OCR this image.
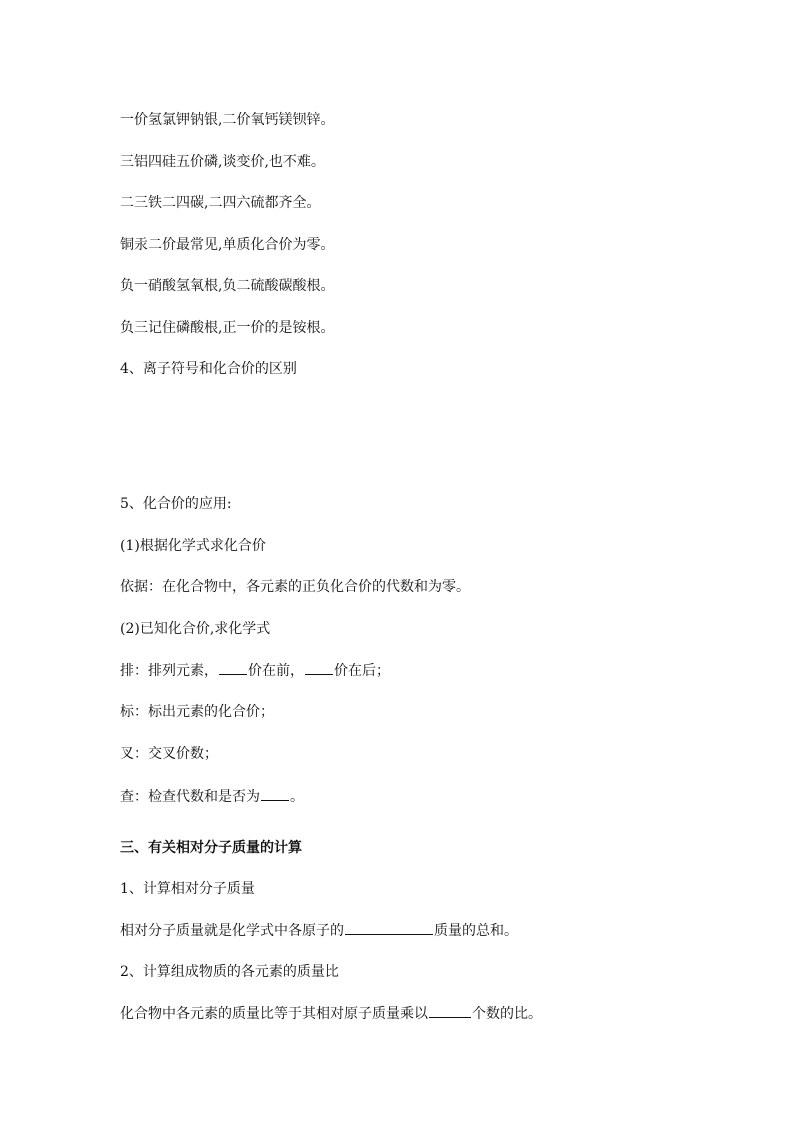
一价氢氯钾钠银,二价氧钙镁钡锌。
三铝四硅五价磷,谈变价,也不难。
二三铁二四碳,二四六硫都齐全。
铜汞二价最常见,单质化合价为零。
负一硝酸氢氧根,负二硫酸碳酸根。
负三记住磷酸根,正一价的是铵根。
4、离子符号和化合价的区别
5、化合价的应用:
(1)根据化学式求化合价
依据：在化合物中，各元素的正负化合价的代数和为零。
(2)已知化合价,求化学式
排：排列元素， 价在前， 价在后；
标：标出元素的化合价；
叉：交叉价数；
查：检查代数和是否为 。
三、有关相对分子质量的计算
1、计算相对分子质量
相对分子质量就是化学式中各原子的	质量的总和。
2、计算组成物质的各元素的质量比
化合物中各元素的质量比等于其相对原子质量乘以	个数的比。
